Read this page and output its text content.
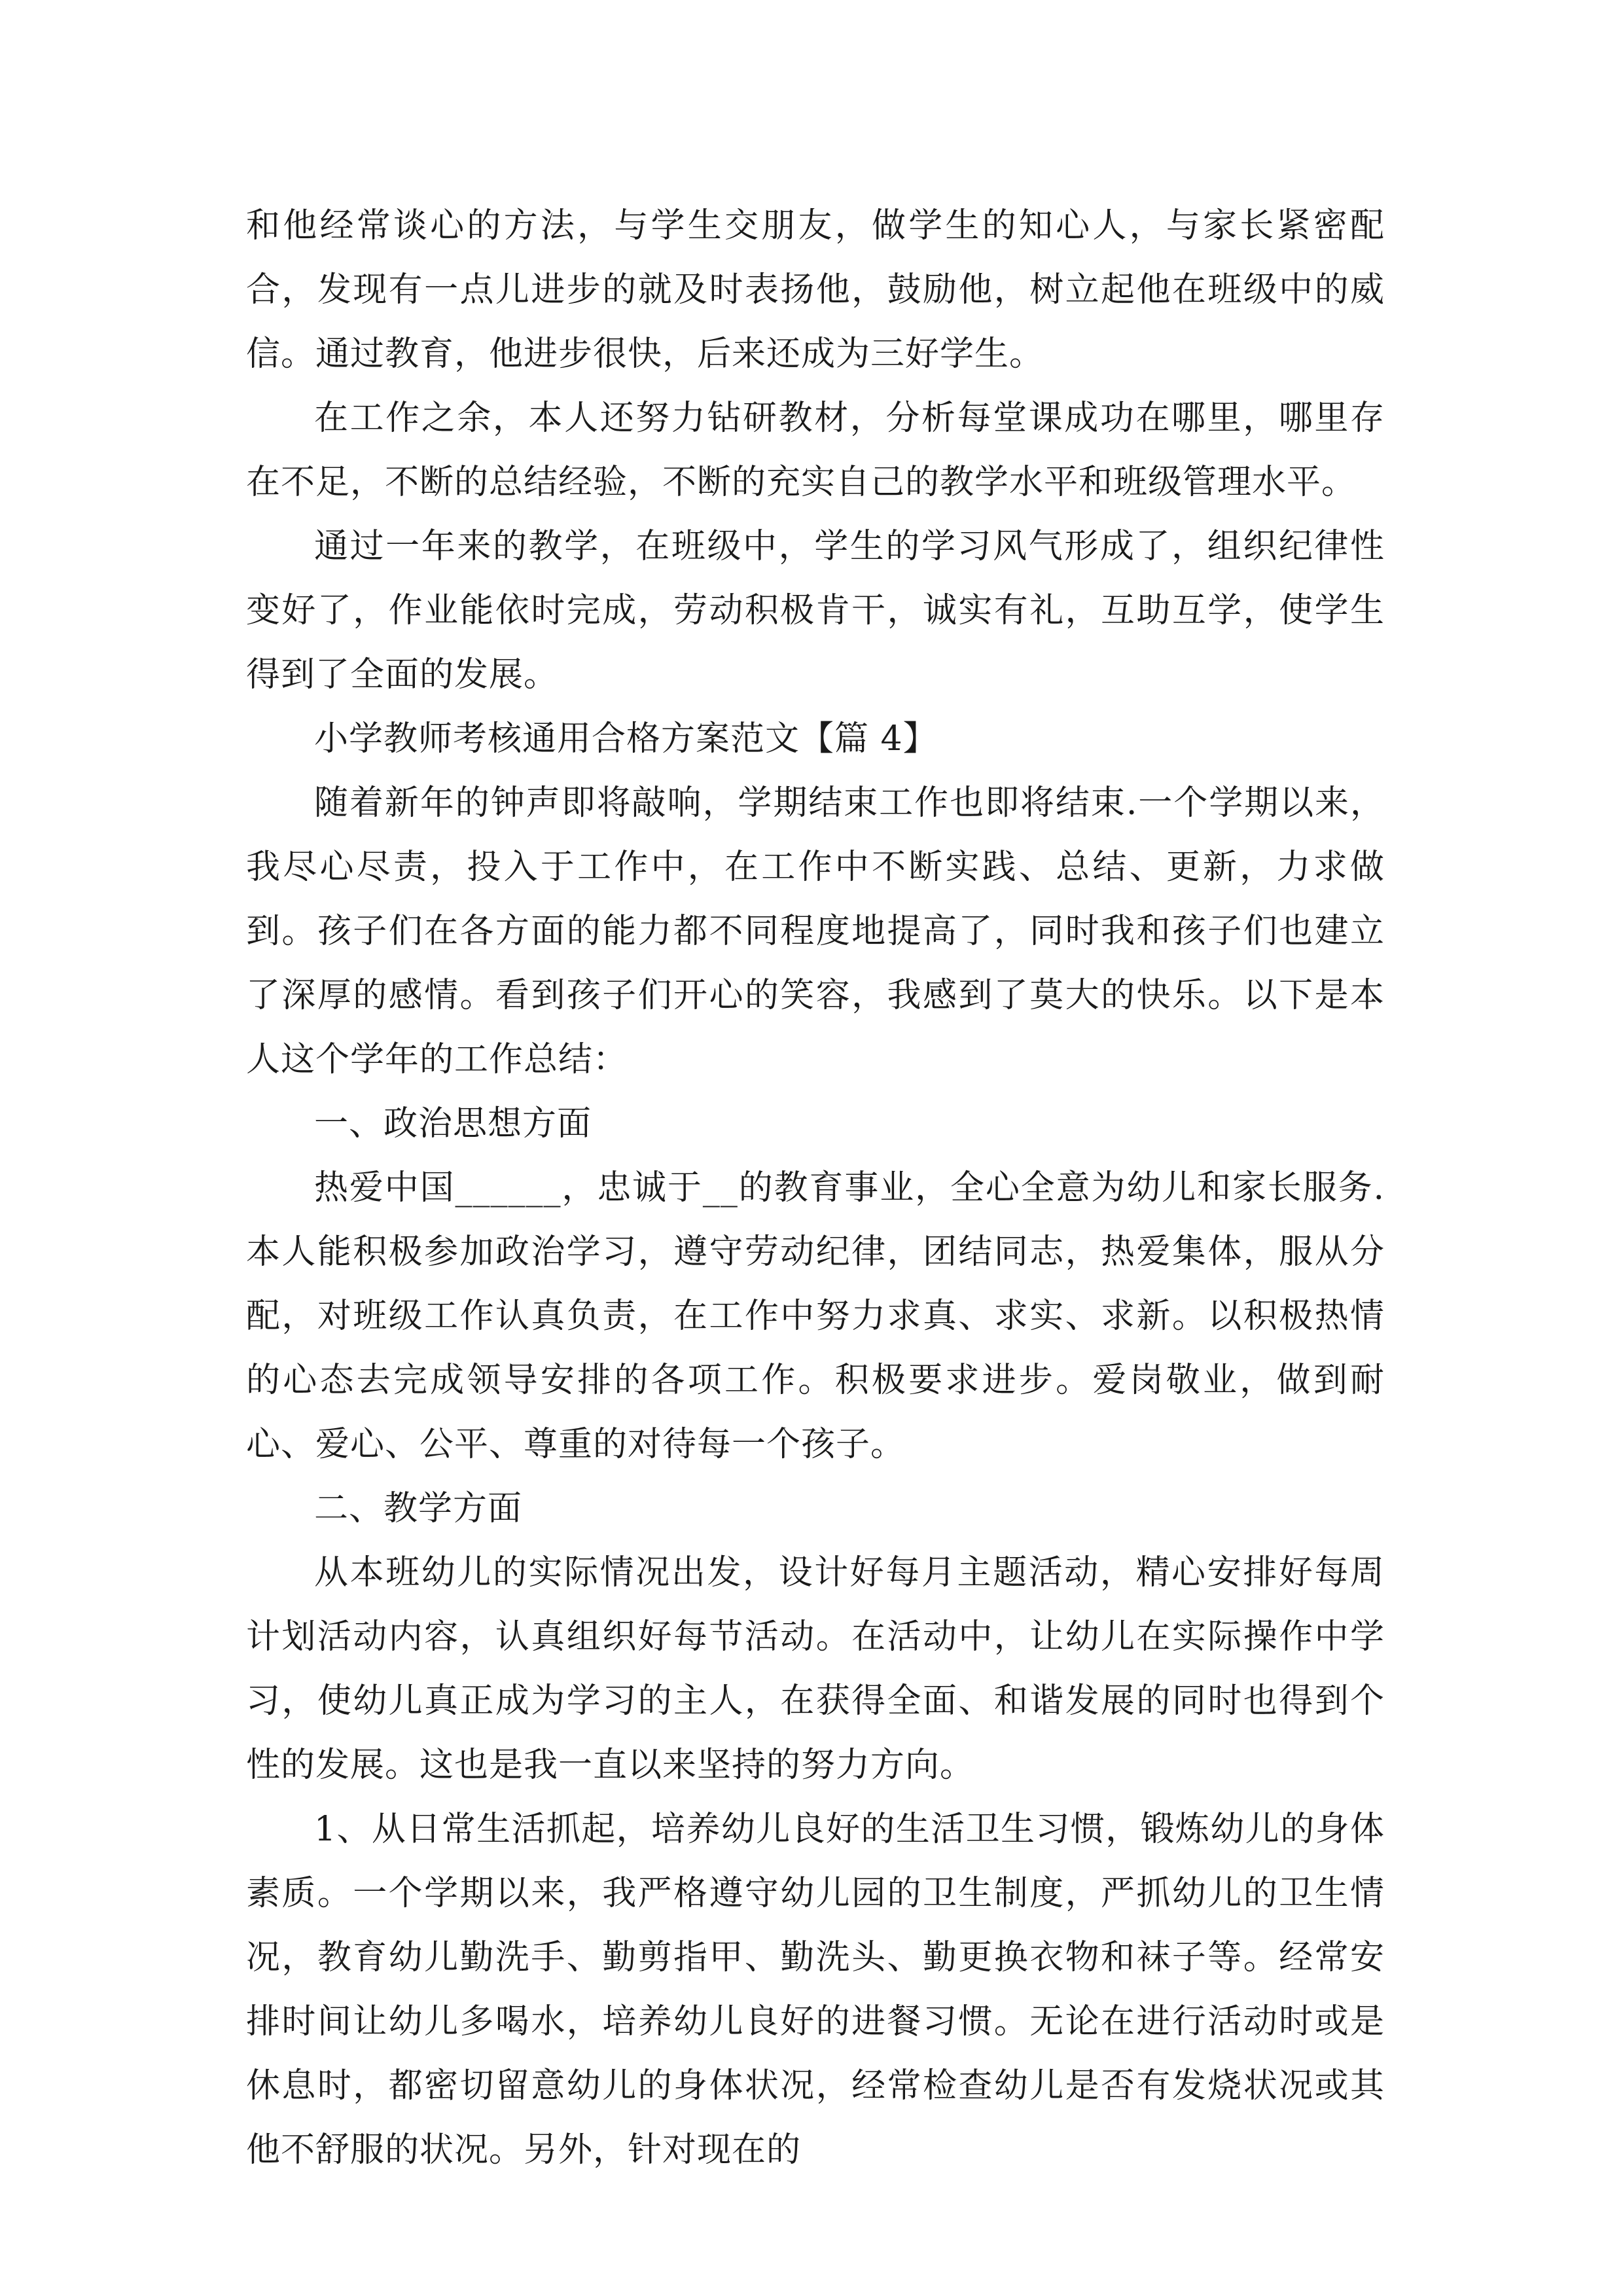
和他经常谈心的方法，与学生交朋友，做学生的知心人，与家长紧密配合，发现有一点儿进步的就及时表扬他，鼓励他，树立起他在班级中的威信。通过教育，他进步很快，后来还成为三好学生。

在工作之余，本人还努力钻研教材，分析每堂课成功在哪里，哪里存在不足，不断的总结经验，不断的充实自己的教学水平和班级管理水平。

通过一年来的教学，在班级中，学生的学习风气形成了，组织纪律性变好了，作业能依时完成，劳动积极肯干，诚实有礼，互助互学，使学生得到了全面的发展。

小学教师考核通用合格方案范文【篇 4】

随着新年的钟声即将敲响，学期结束工作也即将结束.一个学期以来，我尽心尽责，投入于工作中，在工作中不断实践、总结、更新，力求做到。孩子们在各方面的能力都不同程度地提高了，同时我和孩子们也建立了深厚的感情。看到孩子们开心的笑容，我感到了莫大的快乐。以下是本人这个学年的工作总结：

一、政治思想方面

热爱中国______，忠诚于__的教育事业，全心全意为幼儿和家长服务.本人能积极参加政治学习，遵守劳动纪律，团结同志，热爱集体，服从分配，对班级工作认真负责，在工作中努力求真、求实、求新。以积极热情的心态去完成领导安排的各项工作。积极要求进步。爱岗敬业，做到耐心、爱心、公平、尊重的对待每一个孩子。

二、教学方面

从本班幼儿的实际情况出发，设计好每月主题活动，精心安排好每周计划活动内容，认真组织好每节活动。在活动中，让幼儿在实际操作中学习，使幼儿真正成为学习的主人，在获得全面、和谐发展的同时也得到个性的发展。这也是我一直以来坚持的努力方向。

1、从日常生活抓起，培养幼儿良好的生活卫生习惯，锻炼幼儿的身体素质。一个学期以来，我严格遵守幼儿园的卫生制度，严抓幼儿的卫生情况，教育幼儿勤洗手、勤剪指甲、勤洗头、勤更换衣物和袜子等。经常安排时间让幼儿多喝水，培养幼儿良好的进餐习惯。无论在进行活动时或是休息时，都密切留意幼儿的身体状况，经常检查幼儿是否有发烧状况或其他不舒服的状况。另外，针对现在的
